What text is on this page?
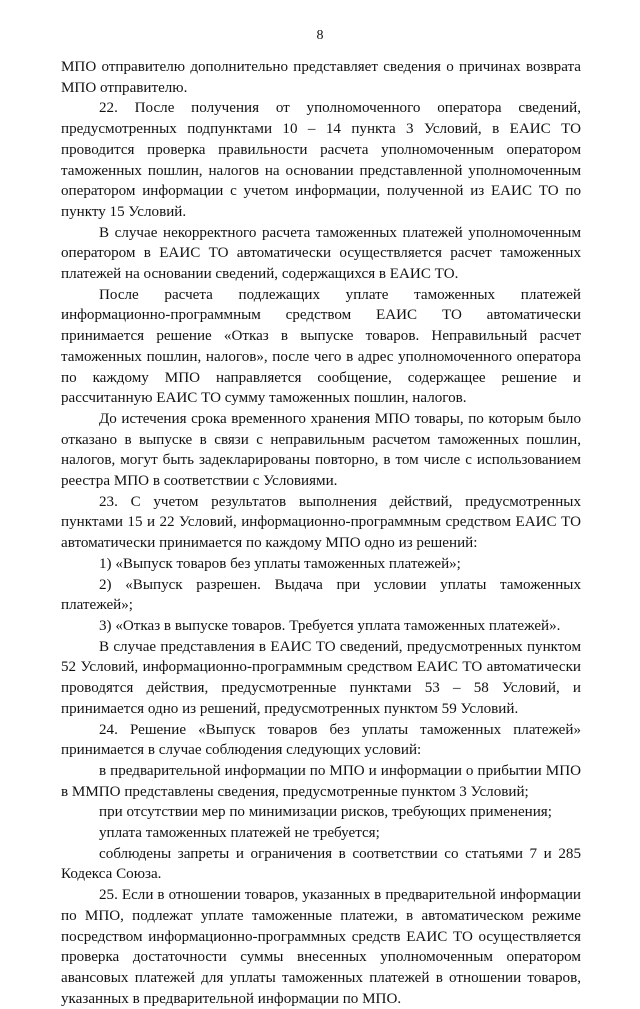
8

МПО отправителю дополнительно представляет сведения о причинах возврата МПО отправителю.

22. После получения от уполномоченного оператора сведений, предусмотренных подпунктами 10 – 14 пункта 3 Условий, в ЕАИС ТО проводится проверка правильности расчета уполномоченным оператором таможенных пошлин, налогов на основании представленной уполномоченным оператором информации с учетом информации, полученной из ЕАИС ТО по пункту 15 Условий.

В случае некорректного расчета таможенных платежей уполномоченным оператором в ЕАИС ТО автоматически осуществляется расчет таможенных платежей на основании сведений, содержащихся в ЕАИС ТО.

После расчета подлежащих уплате таможенных платежей информационно-программным средством ЕАИС ТО автоматически принимается решение «Отказ в выпуске товаров. Неправильный расчет таможенных пошлин, налогов», после чего в адрес уполномоченного оператора по каждому МПО направляется сообщение, содержащее решение и рассчитанную ЕАИС ТО сумму таможенных пошлин, налогов.

До истечения срока временного хранения МПО товары, по которым было отказано в выпуске в связи с неправильным расчетом таможенных пошлин, налогов, могут быть задекларированы повторно, в том числе с использованием реестра МПО в соответствии с Условиями.

23. С учетом результатов выполнения действий, предусмотренных пунктами 15 и 22 Условий, информационно-программным средством ЕАИС ТО автоматически принимается по каждому МПО одно из решений:

1) «Выпуск товаров без уплаты таможенных платежей»;

2) «Выпуск разрешен. Выдача при условии уплаты таможенных платежей»;

3) «Отказ в выпуске товаров. Требуется уплата таможенных платежей».

В случае представления в ЕАИС ТО сведений, предусмотренных пунктом 52 Условий, информационно-программным средством ЕАИС ТО автоматически проводятся действия, предусмотренные пунктами 53 – 58 Условий, и принимается одно из решений, предусмотренных пунктом 59 Условий.

24. Решение «Выпуск товаров без уплаты таможенных платежей» принимается в случае соблюдения следующих условий:

в предварительной информации по МПО и информации о прибытии МПО в ММПО представлены сведения, предусмотренные пунктом 3 Условий;

при отсутствии мер по минимизации рисков, требующих применения;

уплата таможенных платежей не требуется;

соблюдены запреты и ограничения в соответствии со статьями 7 и 285 Кодекса Союза.

25. Если в отношении товаров, указанных в предварительной информации по МПО, подлежат уплате таможенные платежи, в автоматическом режиме посредством информационно-программных средств ЕАИС ТО осуществляется проверка достаточности суммы внесенных уполномоченным оператором авансовых платежей для уплаты таможенных платежей в отношении товаров, указанных в предварительной информации по МПО.
